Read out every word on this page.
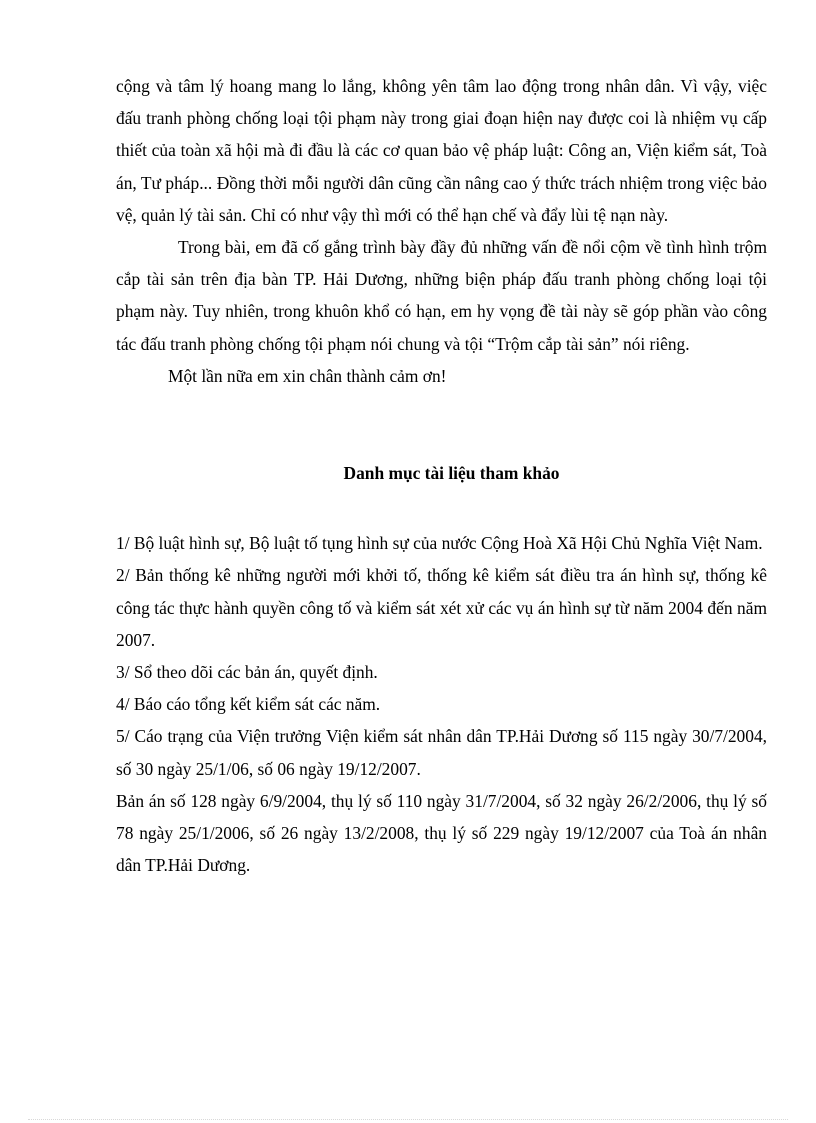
cộng và tâm lý hoang mang lo lắng, không yên tâm lao động trong nhân dân. Vì vậy, việc đấu tranh phòng chống loại tội phạm này trong giai đoạn hiện nay được coi là nhiệm vụ cấp thiết của toàn xã hội mà đi đầu là các cơ quan bảo vệ pháp luật: Công an, Viện kiểm sát, Toà án, Tư pháp... Đồng thời mỗi người dân cũng cần nâng cao ý thức trách nhiệm trong việc bảo vệ, quản lý tài sản. Chỉ có như vậy thì mới có thể hạn chế và đẩy lùi tệ nạn này.

Trong bài, em đã cố gắng trình bày đầy đủ những vấn đề nổi cộm về tình hình trộm cắp tài sản trên địa bàn TP. Hải Dương, những biện pháp đấu tranh phòng chống loại tội phạm này. Tuy nhiên, trong khuôn khổ có hạn, em hy vọng đề tài này sẽ góp phần vào công tác đấu tranh phòng chống tội phạm nói chung và tội “Trộm cắp tài sản” nói riêng.

Một lần nữa em xin chân thành cảm ơn!

Danh mục tài liệu tham khảo

1/ Bộ luật hình sự, Bộ luật tố tụng hình sự của nước Cộng Hoà Xã Hội Chủ Nghĩa Việt Nam.

2/ Bản thống kê những người mới khởi tố, thống kê kiểm sát điều tra án hình sự, thống kê công tác thực hành quyền công tố và kiểm sát xét xử các vụ án hình sự từ năm 2004 đến năm 2007.

3/ Sổ theo dõi các bản án, quyết định.

4/ Báo cáo tổng kết kiểm sát các năm.

5/ Cáo trạng của Viện trưởng Viện kiểm sát nhân dân TP.Hải Dương số 115 ngày 30/7/2004, số 30 ngày 25/1/06, số 06 ngày 19/12/2007.

Bản án số 128 ngày 6/9/2004, thụ lý số 110 ngày 31/7/2004, số 32 ngày 26/2/2006, thụ lý số 78 ngày 25/1/2006, số 26 ngày 13/2/2008, thụ lý số 229 ngày 19/12/2007 của Toà án nhân dân TP.Hải Dương.
